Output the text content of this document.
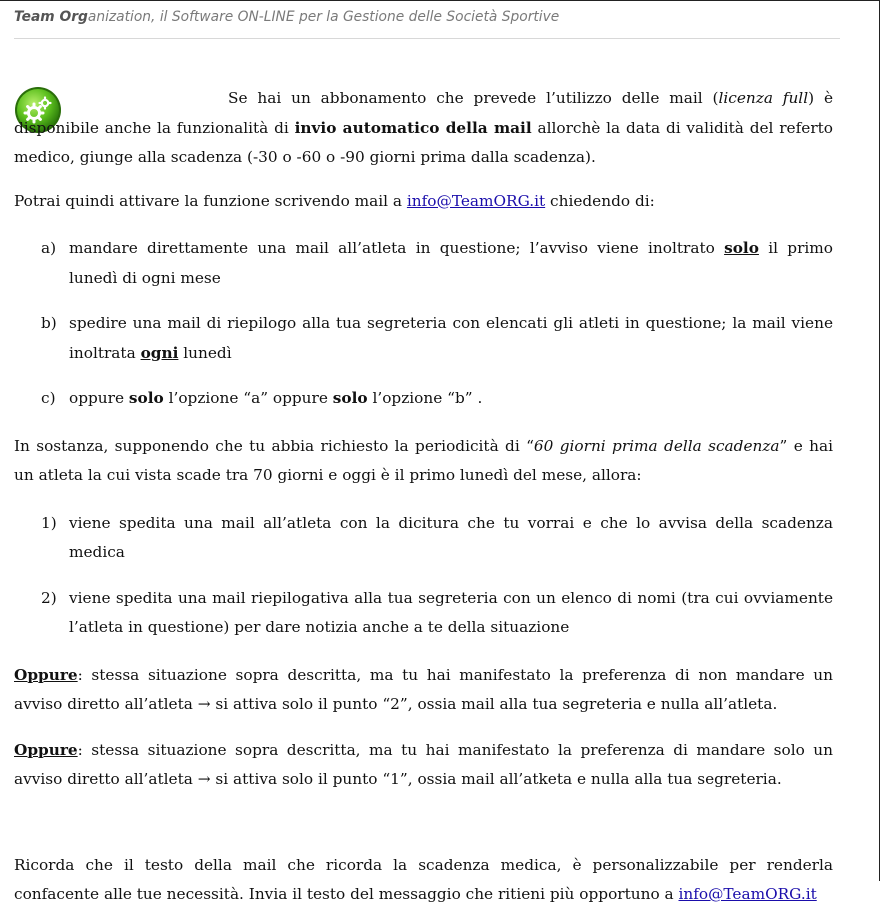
Team Organization, il Software ON-LINE per la Gestione delle Società Sportive

Se hai un abbonamento che prevede l’utilizzo delle mail (licenza full) è disponibile anche la funzionalità di invio automatico della mail allorchè la data di validità del referto medico, giunge alla scadenza (-30 o -60 o -90 giorni prima dalla scadenza).

Potrai quindi attivare la funzione scrivendo mail a info@TeamORG.it chiedendo di:

a) mandare direttamente una mail all’atleta in questione; l’avviso viene inoltrato solo il primo lunedì di ogni mese
b) spedire una mail di riepilogo alla tua segreteria con elencati gli atleti in questione; la mail viene inoltrata ogni lunedì
c) oppure solo l’opzione “a” oppure solo l’opzione “b” .

In sostanza, supponendo che tu abbia richiesto la periodicità di “60 giorni prima della scadenza” e hai un atleta la cui vista scade tra 70 giorni e oggi è il primo lunedì del mese, allora:

1) viene spedita una mail all’atleta con la dicitura che tu vorrai e che lo avvisa della scadenza medica
2) viene spedita una mail riepilogativa alla tua segreteria con un elenco di nomi (tra cui ovviamente l’atleta in questione) per dare notizia anche a te della situazione

Oppure: stessa situazione sopra descritta, ma tu hai manifestato la preferenza di non mandare un avviso diretto all’atleta → si attiva solo il punto “2”, ossia mail alla tua segreteria e nulla all’atleta.

Oppure: stessa situazione sopra descritta, ma tu hai manifestato la preferenza di mandare solo un avviso diretto all’atleta → si attiva solo il punto “1”, ossia mail all’atketa e nulla alla tua segreteria.

Ricorda che il testo della mail che ricorda la scadenza medica, è personalizzabile per renderla confacente alle tue necessità. Invia il testo del messaggio che ritieni più opportuno a info@TeamORG.it
